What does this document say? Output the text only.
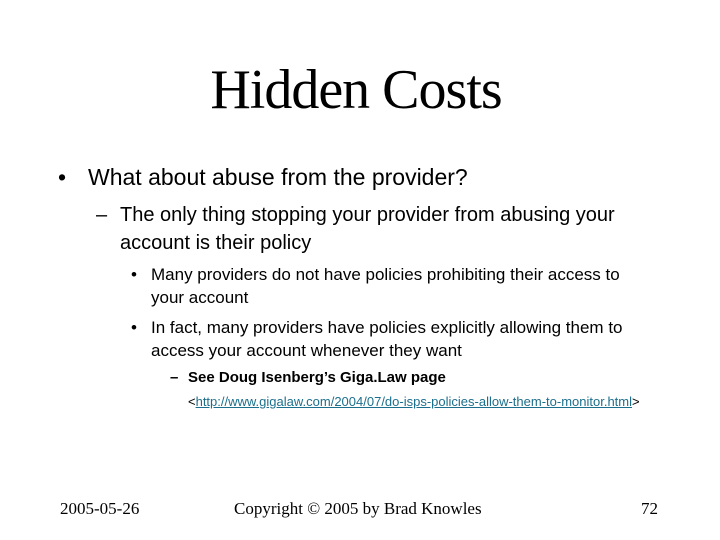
Hidden Costs
• What about abuse from the provider?
– The only thing stopping your provider from abusing your account is their policy
• Many providers do not have policies prohibiting their access to your account
• In fact, many providers have policies explicitly allowing them to access your account whenever they want
– See Doug Isenberg’s Giga.Law page
<http://www.gigalaw.com/2004/07/do-isps-policies-allow-them-to-monitor.html>
2005-05-26	Copyright © 2005 by Brad Knowles	72
